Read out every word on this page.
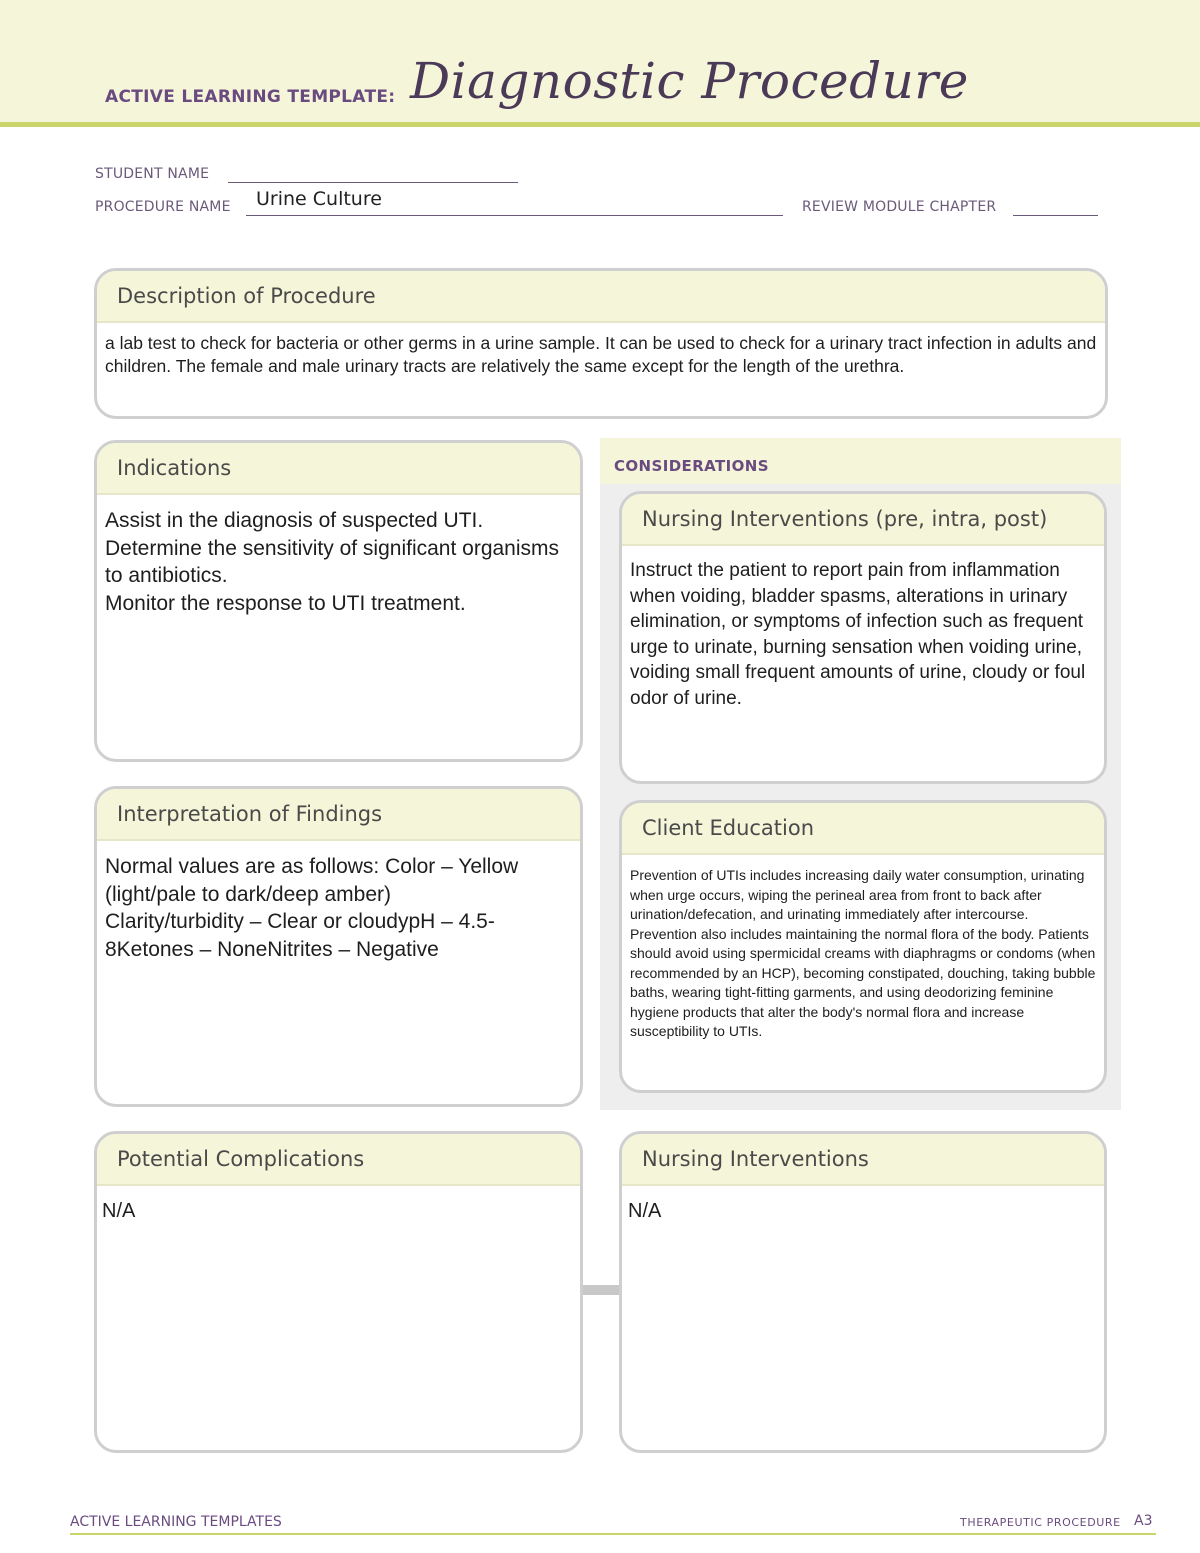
ACTIVE LEARNING TEMPLATE: Diagnostic Procedure
STUDENT NAME
PROCEDURE NAME Urine Culture	REVIEW MODULE CHAPTER
Description of Procedure
a lab test to check for bacteria or other germs in a urine sample. It can be used to check for a urinary tract infection in adults and children. The female and male urinary tracts are relatively the same except for the length of the urethra.
CONSIDERATIONS
Indications
Assist in the diagnosis of suspected UTI.
Determine the sensitivity of significant organisms to antibiotics.
Monitor the response to UTI treatment.
Nursing Interventions (pre, intra, post)
Instruct the patient to report pain from inflammation when voiding, bladder spasms, alterations in urinary elimination, or symptoms of infection such as frequent urge to urinate, burning sensation when voiding urine, voiding small frequent amounts of urine, cloudy or foul odor of urine.
Interpretation of Findings
Normal values are as follows: Color – Yellow (light/pale to dark/deep amber)
Clarity/turbidity – Clear or cloudypH – 4.5-8Ketones – NoneNitrites – Negative
Client Education
Prevention of UTIs includes increasing daily water consumption, urinating when urge occurs, wiping the perineal area from front to back after urination/defecation, and urinating immediately after intercourse. Prevention also includes maintaining the normal flora of the body. Patients should avoid using spermicidal creams with diaphragms or condoms (when recommended by an HCP), becoming constipated, douching, taking bubble baths, wearing tight-fitting garments, and using deodorizing feminine hygiene products that alter the body's normal flora and increase susceptibility to UTIs.
Potential Complications
N/A
Nursing Interventions
N/A
ACTIVE LEARNING TEMPLATES	THERAPEUTIC PROCEDURE A3
